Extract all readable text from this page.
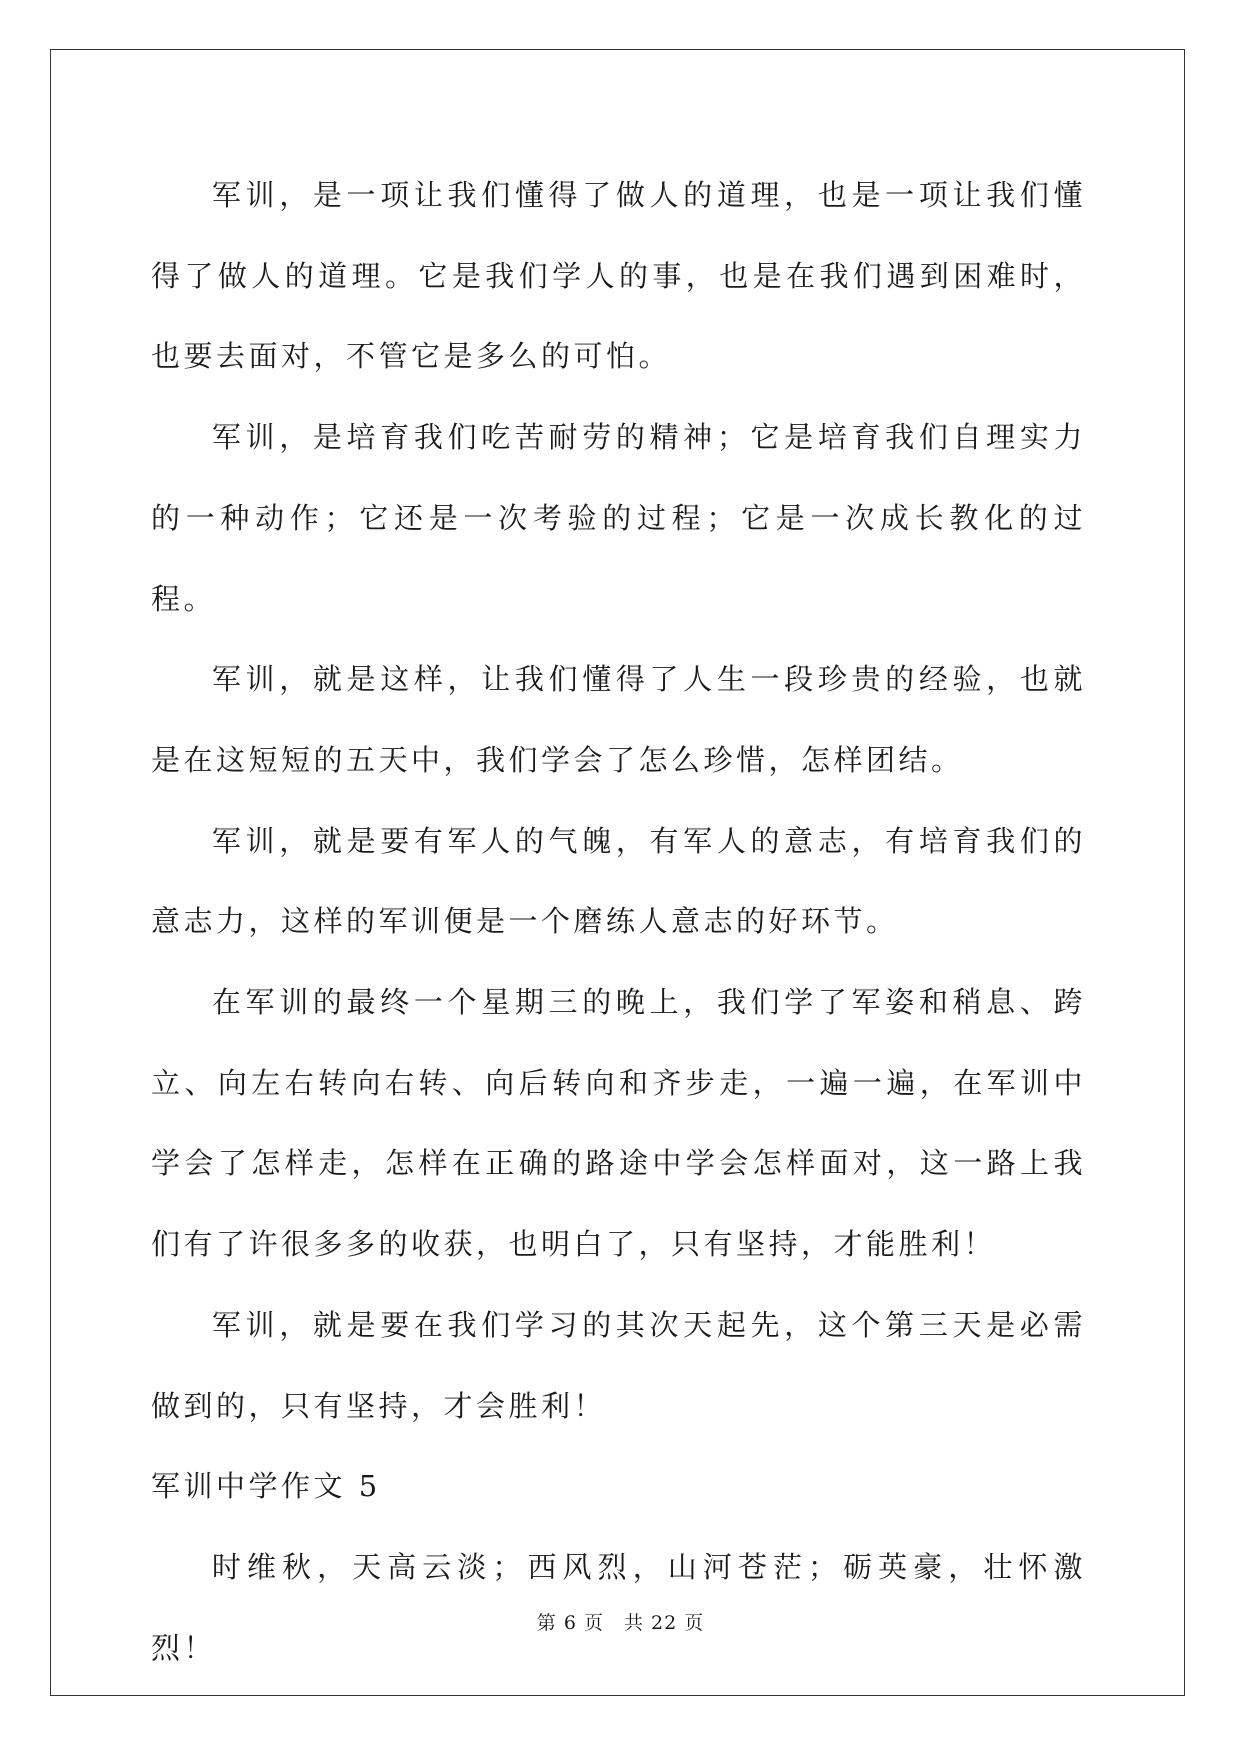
军训，是一项让我们懂得了做人的道理，也是一项让我们懂得了做人的道理。它是我们学人的事，也是在我们遇到困难时，也要去面对，不管它是多么的可怕。

军训，是培育我们吃苦耐劳的精神；它是培育我们自理实力的一种动作；它还是一次考验的过程；它是一次成长教化的过程。

军训，就是这样，让我们懂得了人生一段珍贵的经验，也就是在这短短的五天中，我们学会了怎么珍惜，怎样团结。

军训，就是要有军人的气魄，有军人的意志，有培育我们的意志力，这样的军训便是一个磨练人意志的好环节。

在军训的最终一个星期三的晚上，我们学了军姿和稍息、跨立、向左右转向右转、向后转向和齐步走，一遍一遍，在军训中学会了怎样走，怎样在正确的路途中学会怎样面对，这一路上我们有了许很多多的收获，也明白了，只有坚持，才能胜利！

军训，就是要在我们学习的其次天起先，这个第三天是必需做到的，只有坚持，才会胜利！

军训中学作文 5

时维秋，天高云淡；西风烈，山河苍茫；砺英豪，壮怀激烈！

第 6 页　共 22 页
